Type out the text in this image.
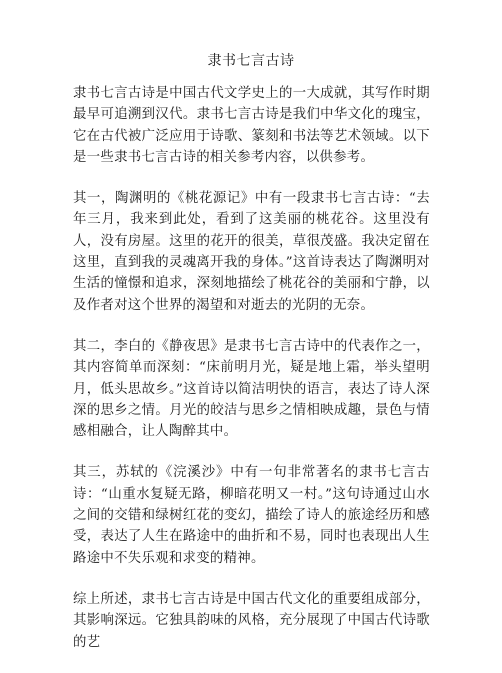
隶书七言古诗

隶书七言古诗是中国古代文学史上的一大成就，其写作时期最早可追溯到汉代。隶书七言古诗是我们中华文化的瑰宝，它在古代被广泛应用于诗歌、篆刻和书法等艺术领域。以下是一些隶书七言古诗的相关参考内容，以供参考。

其一，陶渊明的《桃花源记》中有一段隶书七言古诗：“去年三月，我来到此处，看到了这美丽的桃花谷。这里没有人，没有房屋。这里的花开的很美，草很茂盛。我决定留在这里，直到我的灵魂离开我的身体。”这首诗表达了陶渊明对生活的憧憬和追求，深刻地描绘了桃花谷的美丽和宁静，以及作者对这个世界的渴望和对逝去的光阴的无奈。

其二，李白的《静夜思》是隶书七言古诗中的代表作之一，其内容简单而深刻：“床前明月光，疑是地上霜，举头望明月，低头思故乡。”这首诗以简洁明快的语言，表达了诗人深深的思乡之情。月光的皎洁与思乡之情相映成趣，景色与情感相融合，让人陶醉其中。

其三，苏轼的《浣溪沙》中有一句非常著名的隶书七言古诗：“山重水复疑无路，柳暗花明又一村。”这句诗通过山水之间的交错和绿树红花的变幻，描绘了诗人的旅途经历和感受，表达了人生在路途中的曲折和不易，同时也表现出人生路途中不失乐观和求变的精神。

综上所述，隶书七言古诗是中国古代文化的重要组成部分，其影响深远。它独具韵味的风格，充分展现了中国古代诗歌的艺
